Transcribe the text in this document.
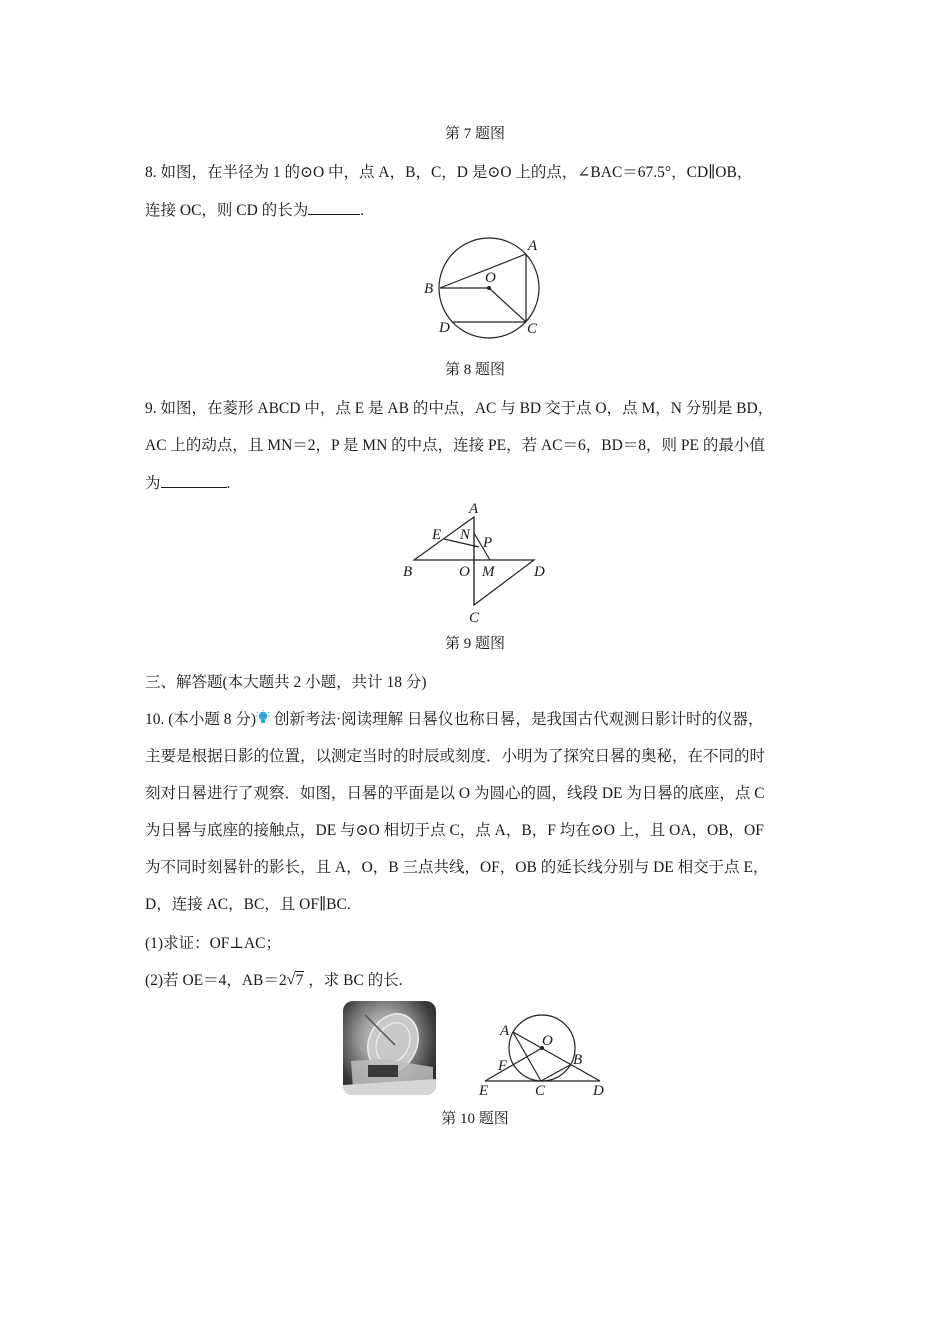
第 7 题图
8. 如图，在半径为 1 的⊙O 中，点 A，B，C，D 是⊙O 上的点，∠BAC＝67.5°，CD∥OB，
连接 OC，则 CD 的长为	.
A
B
O
D	C
第 8 题图
9. 如图，在菱形 ABCD 中，点 E 是 AB 的中点，AC 与 BD 交于点 O，点 M，N 分别是 BD，
AC 上的动点，且 MN＝2，P 是 MN 的中点，连接 PE，若 AC＝6，BD＝8，则 PE 的最小值
为	.
A
E N P
B	O M	D
C
第 9 题图
三、解答题(本大题共 2 小题，共计 18 分)
10. (本小题 8 分) 创新考法·阅读理解 日晷仪也称日晷，是我国古代观测日影计时的仪器，
主要是根据日影的位置，以测定当时的时辰或刻度．小明为了探究日晷的奥秘，在不同的时
刻对日晷进行了观察．如图，日晷的平面是以 O 为圆心的圆，线段 DE 为日晷的底座，点 C
为日晷与底座的接触点，DE 与⊙O 相切于点 C，点 A，B，F 均在⊙O 上，且 OA，OB，OF
为不同时刻晷针的影长，且 A，O，B 三点共线，OF，OB 的延长线分别与 DE 相交于点 E，
D，连接 AC，BC，且 OF∥BC.
(1)求证：OF⊥AC；
(2)若 OE＝4，AB＝2 √ 7 ，求 BC 的长.
A
O
F	B
E	C	D
第 10 题图
